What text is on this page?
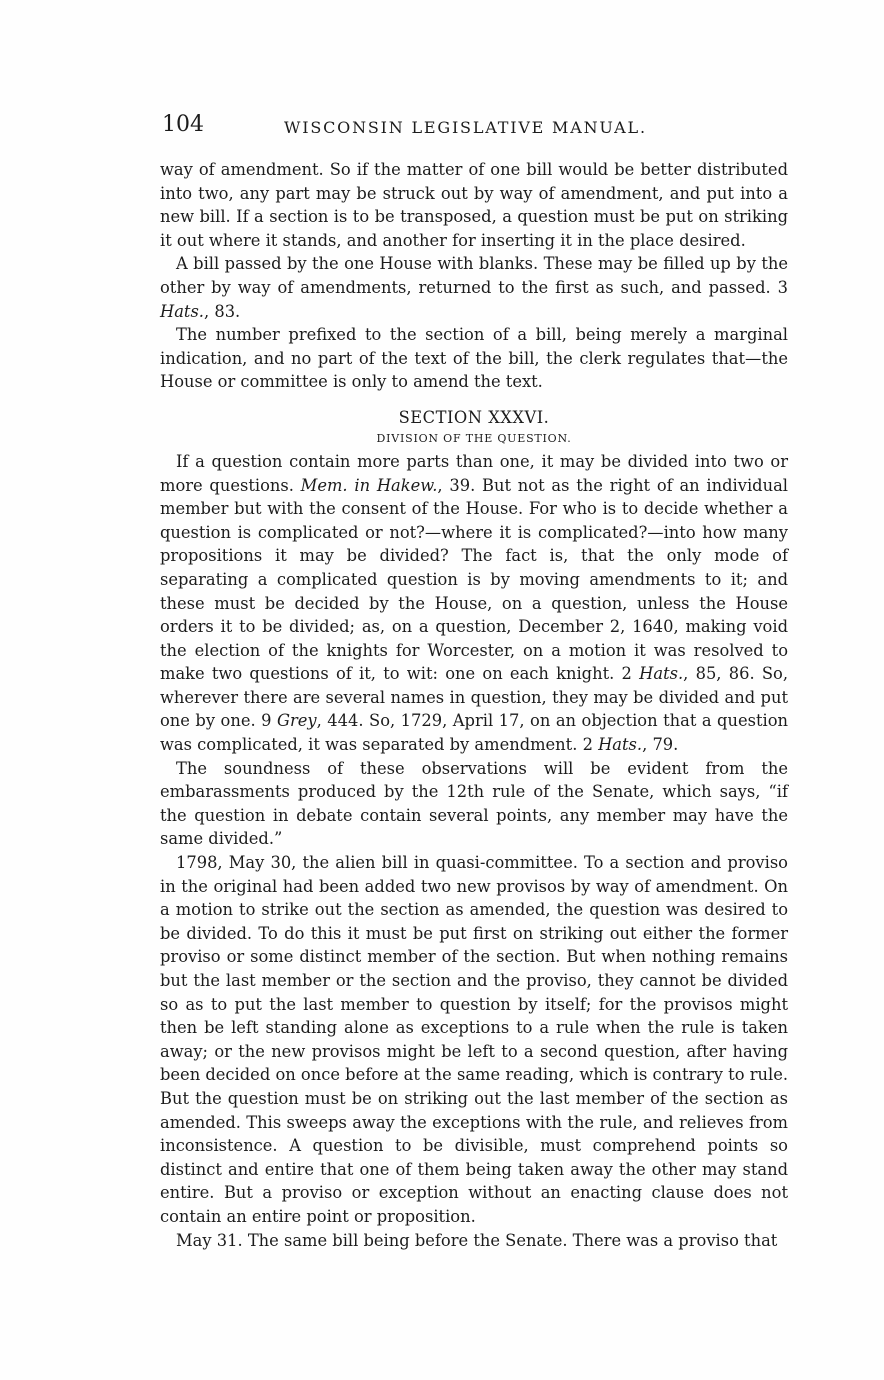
104	WISCONSIN LEGISLATIVE MANUAL.

way of amendment. So if the matter of one bill would be better distributed into two, any part may be struck out by way of amendment, and put into a new bill. If a section is to be transposed, a question must be put on striking it out where it stands, and another for inserting it in the place desired.

A bill passed by the one House with blanks. These may be filled up by the other by way of amendments, returned to the first as such, and passed. 3 Hats., 83.

The number prefixed to the section of a bill, being merely a marginal indication, and no part of the text of the bill, the clerk regulates that—the House or committee is only to amend the text.

SECTION XXXVI.
DIVISION OF THE QUESTION.

If a question contain more parts than one, it may be divided into two or more questions. Mem. in Hakew., 39. But not as the right of an individual member but with the consent of the House. For who is to decide whether a question is complicated or not?—where it is complicated?—into how many propositions it may be divided? The fact is, that the only mode of separating a complicated question is by moving amendments to it; and these must be decided by the House, on a question, unless the House orders it to be divided; as, on a question, December 2, 1640, making void the election of the knights for Worcester, on a motion it was resolved to make two questions of it, to wit: one on each knight. 2 Hats., 85, 86. So, wherever there are several names in question, they may be divided and put one by one. 9 Grey, 444. So, 1729, April 17, on an objection that a question was complicated, it was separated by amendment. 2 Hats., 79.

The soundness of these observations will be evident from the embarassments produced by the 12th rule of the Senate, which says, “if the question in debate contain several points, any member may have the same divided.”

1798, May 30, the alien bill in quasi-committee. To a section and proviso in the original had been added two new provisos by way of amendment. On a motion to strike out the section as amended, the question was desired to be divided. To do this it must be put first on striking out either the former proviso or some distinct member of the section. But when nothing remains but the last member or the section and the proviso, they cannot be divided so as to put the last member to question by itself; for the provisos might then be left standing alone as exceptions to a rule when the rule is taken away; or the new provisos might be left to a second question, after having been decided on once before at the same reading, which is contrary to rule. But the question must be on striking out the last member of the section as amended. This sweeps away the exceptions with the rule, and relieves from inconsistence. A question to be divisible, must comprehend points so distinct and entire that one of them being taken away the other may stand entire. But a proviso or exception without an enacting clause does not contain an entire point or proposition.

May 31. The same bill being before the Senate. There was a proviso that
